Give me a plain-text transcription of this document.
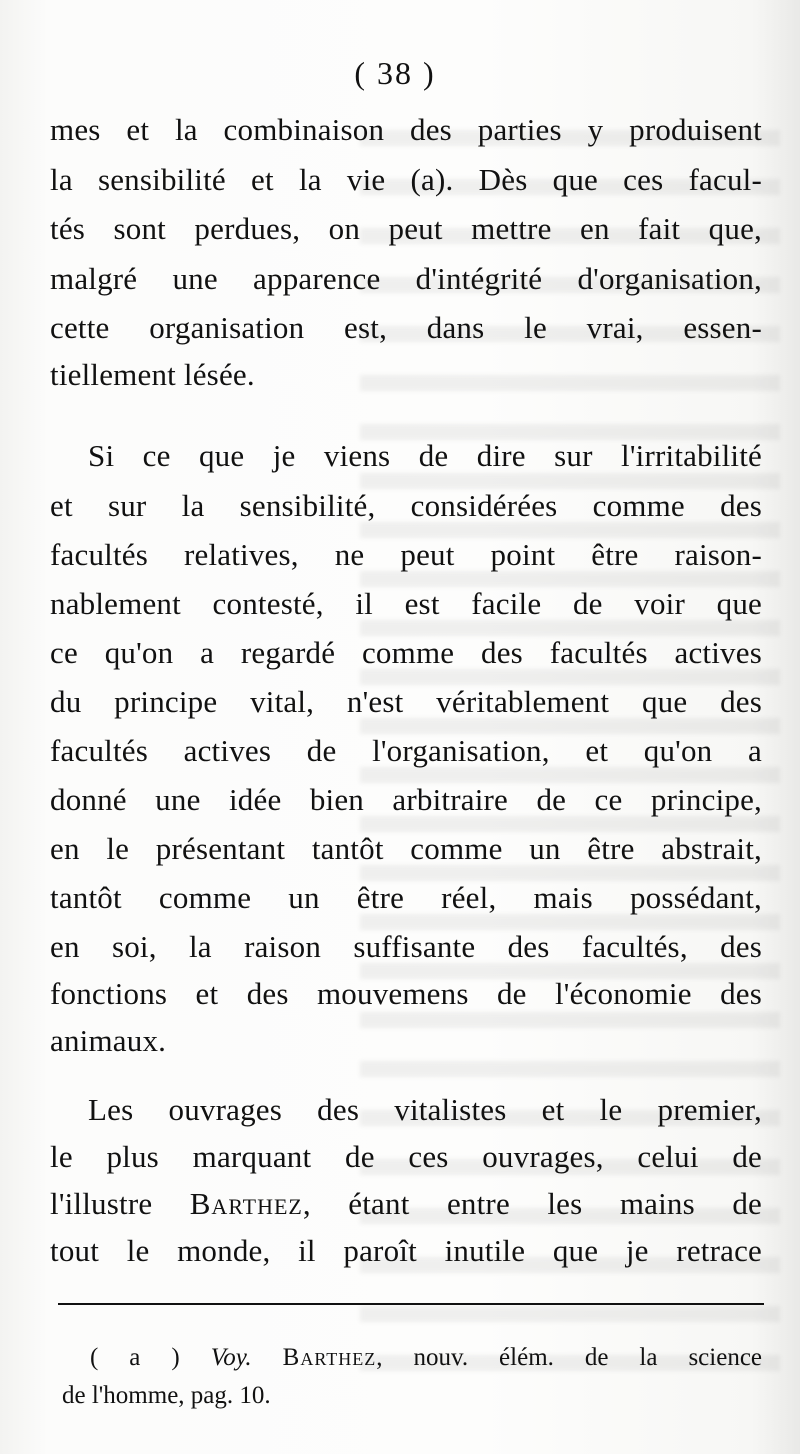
( 38 )
mes et la combinaison des parties y produisent
la sensibilité et la vie (a). Dès que ces facul-
tés sont perdues, on peut mettre en fait que,
malgré une apparence d'intégrité d'organisation,
cette organisation est, dans le vrai, essen-
tiellement lésée.
Si ce que je viens de dire sur l'irritabilité
et sur la sensibilité, considérées comme des
facultés relatives, ne peut point être raison-
nablement contesté, il est facile de voir que
ce qu'on a regardé comme des facultés actives
du principe vital, n'est véritablement que des
facultés actives de l'organisation, et qu'on a
donné une idée bien arbitraire de ce principe,
en le présentant tantôt comme un être abstrait,
tantôt comme un être réel, mais possédant,
en soi, la raison suffisante des facultés, des
fonctions et des mouvemens de l'économie des
animaux.
Les ouvrages des vitalistes et le premier,
le plus marquant de ces ouvrages, celui de
l'illustre Barthez, étant entre les mains de
tout le monde, il paroît inutile que je retrace
( a ) Voy. Barthez, nouv. élém. de la science
de l'homme, pag. 10.
